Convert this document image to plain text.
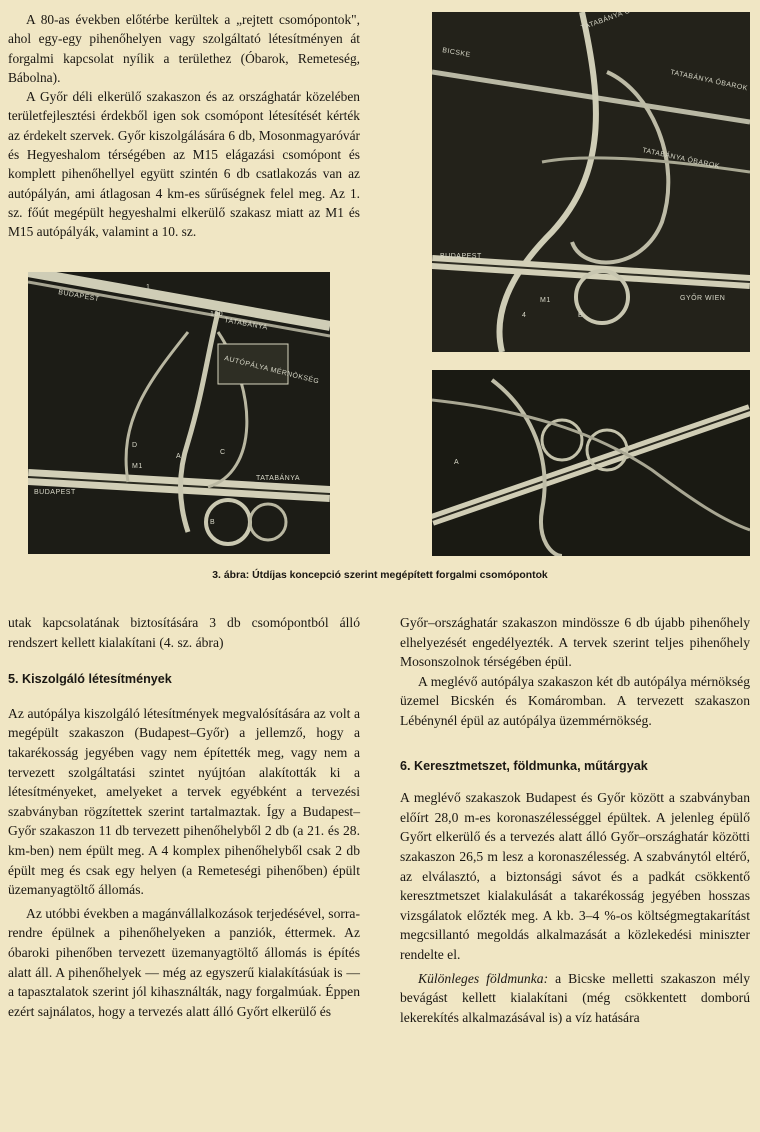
A 80-as években előtérbe kerültek a „rejtett csomópontok", ahol egy-egy pihenőhelyen vagy szolgáltató létesítményen át forgalmi kapcsolat nyílik a területhez (Óbarok, Remeteség, Bábolna).

A Győr déli elkerülő szakaszon és az országhatár közelében területfejlesztési érdekből igen sok csomópont létesítését kérték az érdekelt szervek. Győr kiszolgálására 6 db, Mosonmagyaróvár és Hegyeshalom térségében az M15 elágazási csomópont és komplett pihenőhellyel együtt szintén 6 db csatlakozás van az autópályán, ami átlagosan 4 km-es sűrűségnek felel meg. Az 1. sz. főút megépült hegyeshalmi elkerülő szakasz miatt az M1 és M15 autópályák, valamint a 10. sz.

BICSKE
TATABÁNYA ÓBAROK
TATABÁNYA ÓBAROK
BUDAPEST
GYŐR WIEN
M1
4	B
BUDAPEST
1
100
TATABÁNYA
AUTÓPÁLYA MÉRNÖKSÉG
D
M1
A
C
TATABÁNYA
BUDAPEST
B
A
3. ábra: Útdíjas koncepció szerint megépített forgalmi csomópontok

utak kapcsolatának biztosítására 3 db csomópontból álló rendszert kellett kialakítani (4. sz. ábra)

5. Kiszolgáló létesítmények

Az autópálya kiszolgáló létesítmények megvalósítására az volt a megépült szakaszon (Budapest–Győr) a jellemző, hogy a takarékosság jegyében vagy nem építették meg, vagy nem a tervezett szolgáltatási szintet nyújtóan alakították ki a létesítményeket, amelyeket a tervek egyébként a tervezési szabványban rögzítettek szerint tartalmaztak. Így a Budapest–Győr szakaszon 11 db tervezett pihenőhelyből 2 db (a 21. és 28. km-ben) nem épült meg. A 4 komplex pihenőhelyből csak 2 db épült meg és csak egy helyen (a Remeteségi pihenőben) épült üzemanyagtöltő állomás.

Az utóbbi években a magánvállalkozások terjedésével, sorra-rendre épülnek a pihenőhelyeken a panziók, éttermek. Az óbaroki pihenőben tervezett üzemanyagtöltő állomás is építés alatt áll. A pihenőhelyek — még az egyszerű kialakításúak is — a tapasztalatok szerint jól kihasználták, nagy forgalmúak. Éppen ezért sajnálatos, hogy a tervezés alatt álló Győrt elkerülő és

Győr–országhatár szakaszon mindössze 6 db újabb pihenőhely elhelyezését engedélyezték. A tervek szerint teljes pihenőhely Mosonszolnok térségében épül.

A meglévő autópálya szakaszon két db autópálya mérnökség üzemel Bicskén és Komáromban. A tervezett szakaszon Lébénynél épül az autópálya üzemmérnökség.

6. Keresztmetszet, földmunka, műtárgyak

A meglévő szakaszok Budapest és Győr között a szabványban előírt 28,0 m-es koronaszélességgel épültek. A jelenleg épülő Győrt elkerülő és a tervezés alatt álló Győr–országhatár közötti szakaszon 26,5 m lesz a koronaszélesség. A szabványtól eltérő, az elválasztó, a biztonsági sávot és a padkát csökkentő keresztmetszet kialakulását a takarékosság jegyében hosszas vizsgálatok előzték meg. A kb. 3–4 %-os költségmegtakarítást megcsillantó megoldás alkalmazását a közlekedési miniszter rendelte el.

Különleges földmunka: a Bicske melletti szakaszon mély bevágást kellett kialakítani (még csökkentett domború lekerekítés alkalmazásával is) a víz hatására
